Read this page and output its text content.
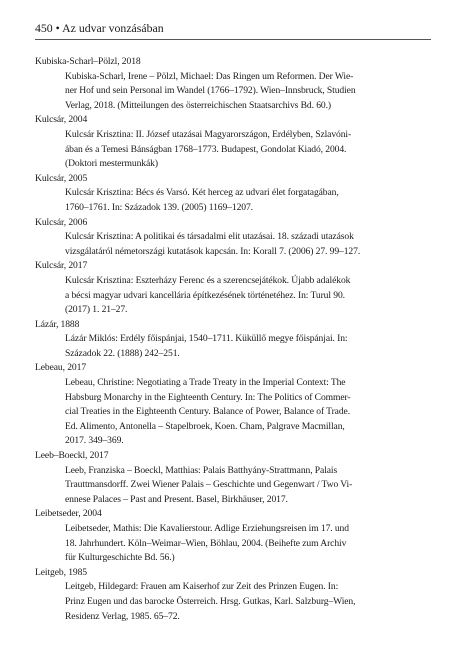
450 • Az udvar vonzásában
Kubiska-Scharl–Pölzl, 2018
Kubiska-Scharl, Irene – Pölzl, Michael: Das Ringen um Reformen. Der Wie-
ner Hof und sein Personal im Wandel (1766–1792). Wien–Innsbruck, Studien
Verlag, 2018. (Mitteilungen des österreichischen Staatsarchivs Bd. 60.)
Kulcsár, 2004
Kulcsár Krisztina: II. József utazásai Magyarországon, Erdélyben, Szlavóni-
ában és a Temesi Bánságban 1768–1773. Budapest, Gondolat Kiadó, 2004.
(Doktori mestermunkák)
Kulcsár, 2005
Kulcsár Krisztina: Bécs és Varsó. Két herceg az udvari élet forgatagában,
1760–1761. In: Századok 139. (2005) 1169–1207.
Kulcsár, 2006
Kulcsár Krisztina: A politikai és társadalmi elit utazásai. 18. századi utazások
vizsgálatáról németországi kutatások kapcsán. In: Korall 7. (2006) 27. 99–127.
Kulcsár, 2017
Kulcsár Krisztina: Eszterházy Ferenc és a szerencsejátékok. Újabb adalékok
a bécsi magyar udvari kancellária építkezésének történetéhez. In: Turul 90.
(2017) 1. 21–27.
Lázár, 1888
Lázár Miklós: Erdély főispánjai, 1540–1711. Küküllő megye főispánjai. In:
Századok 22. (1888) 242–251.
Lebeau, 2017
Lebeau, Christine: Negotiating a Trade Treaty in the Imperial Context: The
Habsburg Monarchy in the Eighteenth Century. In: The Politics of Commer-
cial Treaties in the Eighteenth Century. Balance of Power, Balance of Trade.
Ed. Alimento, Antonella – Stapelbroek, Koen. Cham, Palgrave Macmillan,
2017. 349–369.
Leeb–Boeckl, 2017
Leeb, Franziska – Boeckl, Matthias: Palais Batthyány-Strattmann, Palais
Trauttmansdorff. Zwei Wiener Palais – Geschichte und Gegenwart / Two Vi-
ennese Palaces – Past and Present. Basel, Birkhäuser, 2017.
Leibetseder, 2004
Leibetseder, Mathis: Die Kavalierstour. Adlige Erziehungsreisen im 17. und
18. Jahrhundert. Köln–Weimar–Wien, Böhlau, 2004. (Beihefte zum Archiv
für Kulturgeschichte Bd. 56.)
Leitgeb, 1985
Leitgeb, Hildegard: Frauen am Kaiserhof zur Zeit des Prinzen Eugen. In:
Prinz Eugen und das barocke Österreich. Hrsg. Gutkas, Karl. Salzburg–Wien,
Residenz Verlag, 1985. 65–72.
